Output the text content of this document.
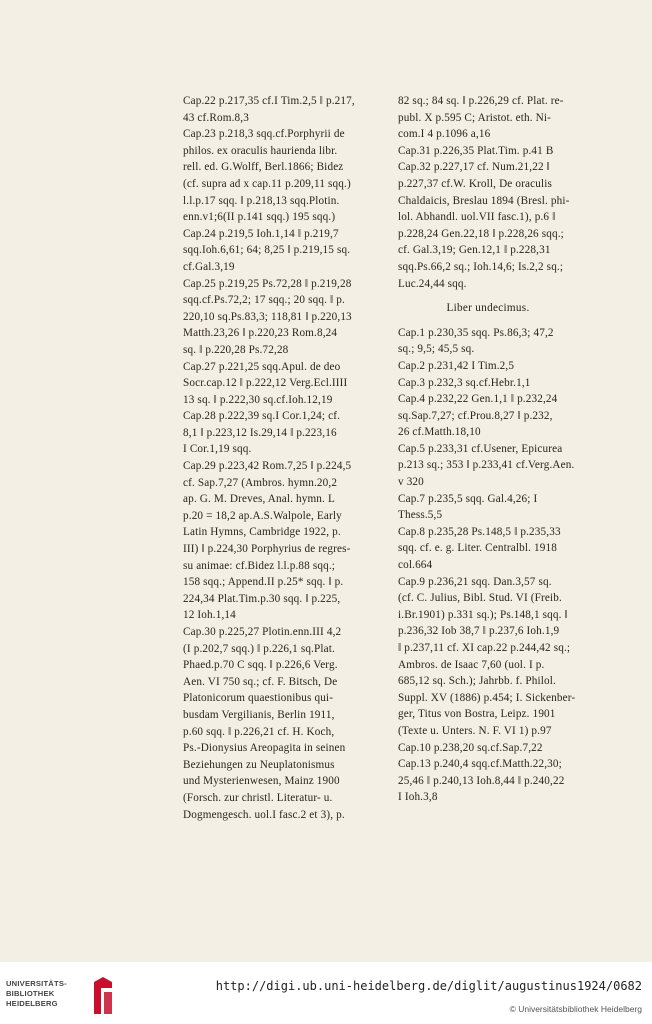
Cap.22 p.217,35 cf.I Tim.2,5 ‖ p.217,
43 cf.Rom.8,3
Cap.23 p.218,3 sqq.cf.Porphyrii de
philos. ex oraculis haurienda libr.
rell. ed. G.Wolff, Berl.1866; Bidez
(cf. supra ad x cap.11 p.209,11 sqq.)
l.l.p.17 sqq. ‖ p.218,13 sqq.Plotin.
enn.v1;6(II p.141 sqq.) 195 sqq.)
Cap.24 p.219,5 Ioh.1,14 ‖ p.219,7
sqq.Ioh.6,61; 64; 8,25 ‖ p.219,15 sq.
cf.Gal.3,19
Cap.25 p.219,25 Ps.72,28 ‖ p.219,28
sqq.cf.Ps.72,2; 17 sqq.; 20 sqq. ‖ p.
220,10 sq.Ps.83,3; 118,81 ‖ p.220,13
Matth.23,26 ‖ p.220,23 Rom.8,24
sq. ‖ p.220,28 Ps.72,28
Cap.27 p.221,25 sqq.Apul. de deo
Socr.cap.12 ‖ p.222,12 Verg.Ecl.IIII
13 sq. ‖ p.222,30 sq.cf.Ioh.12,19
Cap.28 p.222,39 sq.I Cor.1,24; cf.
8,1 ‖ p.223,12 Is.29,14 ‖ p.223,16
I Cor.1,19 sqq.
Cap.29 p.223,42 Rom.7,25 ‖ p.224,5
cf. Sap.7,27 (Ambros. hymn.20,2
ap. G. M. Dreves, Anal. hymn. L
p.20 = 18,2 ap.A.S.Walpole, Early
Latin Hymns, Cambridge 1922, p.
III) ‖ p.224,30 Porphyrius de regres-
su animae: cf.Bidez l.l.p.88 sqq.;
158 sqq.; Append.II p.25* sqq. ‖ p.
224,34 Plat.Tim.p.30 sqq. ‖ p.225,
12 Ioh.1,14
Cap.30 p.225,27 Plotin.enn.III 4,2
(I p.202,7 sqq.) ‖ p.226,1 sq.Plat.
Phaed.p.70 C sqq. ‖ p.226,6 Verg.
Aen. VI 750 sq.; cf. F. Bitsch, De
Platonicorum quaestionibus qui-
busdam Vergilianis, Berlin 1911,
p.60 sqq. ‖ p.226,21 cf. H. Koch,
Ps.-Dionysius Areopagita in seinen
Beziehungen zu Neuplatonismus
und Mysterienwesen, Mainz 1900
(Forsch. zur christl. Literatur- u.
Dogmengesch. uol.I fasc.2 et 3), p.
82 sq.; 84 sq. ‖ p.226,29 cf. Plat. re-
publ. X p.595 C; Aristot. eth. Ni-
com.I 4 p.1096 a,16
Cap.31 p.226,35 Plat.Tim. p.41 B
Cap.32 p.227,17 cf. Num.21,22 ‖
p.227,37 cf.W. Kroll, De oraculis
Chaldaicis, Breslau 1894 (Bresl. phi-
lol. Abhandl. uol.VII fasc.1), p.6 ‖
p.228,24 Gen.22,18 ‖ p.228,26 sqq.;
cf. Gal.3,19; Gen.12,1 ‖ p.228,31
sqq.Ps.66,2 sq.; Ioh.14,6; Is.2,2 sq.;
Luc.24,44 sqq.
Liber undecimus.
Cap.1 p.230,35 sqq. Ps.86,3; 47,2
sq.; 9,5; 45,5 sq.
Cap.2 p.231,42 I Tim.2,5
Cap.3 p.232,3 sq.cf.Hebr.1,1
Cap.4 p.232,22 Gen.1,1 ‖ p.232,24
sq.Sap.7,27; cf.Prou.8,27 ‖ p.232,
26 cf.Matth.18,10
Cap.5 p.233,31 cf.Usener, Epicurea
p.213 sq.; 353 ‖ p.233,41 cf.Verg.Aen.
v 320
Cap.7 p.235,5 sqq. Gal.4,26; I
Thess.5,5
Cap.8 p.235,28 Ps.148,5 ‖ p.235,33
sqq. cf. e. g. Liter. Centralbl. 1918
col.664
Cap.9 p.236,21 sqq. Dan.3,57 sq.
(cf. C. Julius, Bibl. Stud. VI (Freib.
i.Br.1901) p.331 sq.); Ps.148,1 sqq. ‖
p.236,32 Iob 38,7 ‖ p.237,6 Ioh.1,9
‖ p.237,11 cf. XI cap.22 p.244,42 sq.;
Ambros. de Isaac 7,60 (uol. I p.
685,12 sq. Sch.); Jahrbb. f. Philol.
Suppl. XV (1886) p.454; I. Sickenber-
ger, Titus von Bostra, Leipz. 1901
(Texte u. Unters. N. F. VI 1) p.97
Cap.10 p.238,20 sq.cf.Sap.7,22
Cap.13 p.240,4 sqq.cf.Matth.22,30;
25,46 ‖ p.240,13 Ioh.8,44 ‖ p.240,22
I Ioh.3,8
UNIVERSITÄTS-
BIBLIOTHEK
HEIDELBERG
http://digi.ub.uni-heidelberg.de/diglit/augustinus1924/0682
© Universitätsbibliothek Heidelberg
